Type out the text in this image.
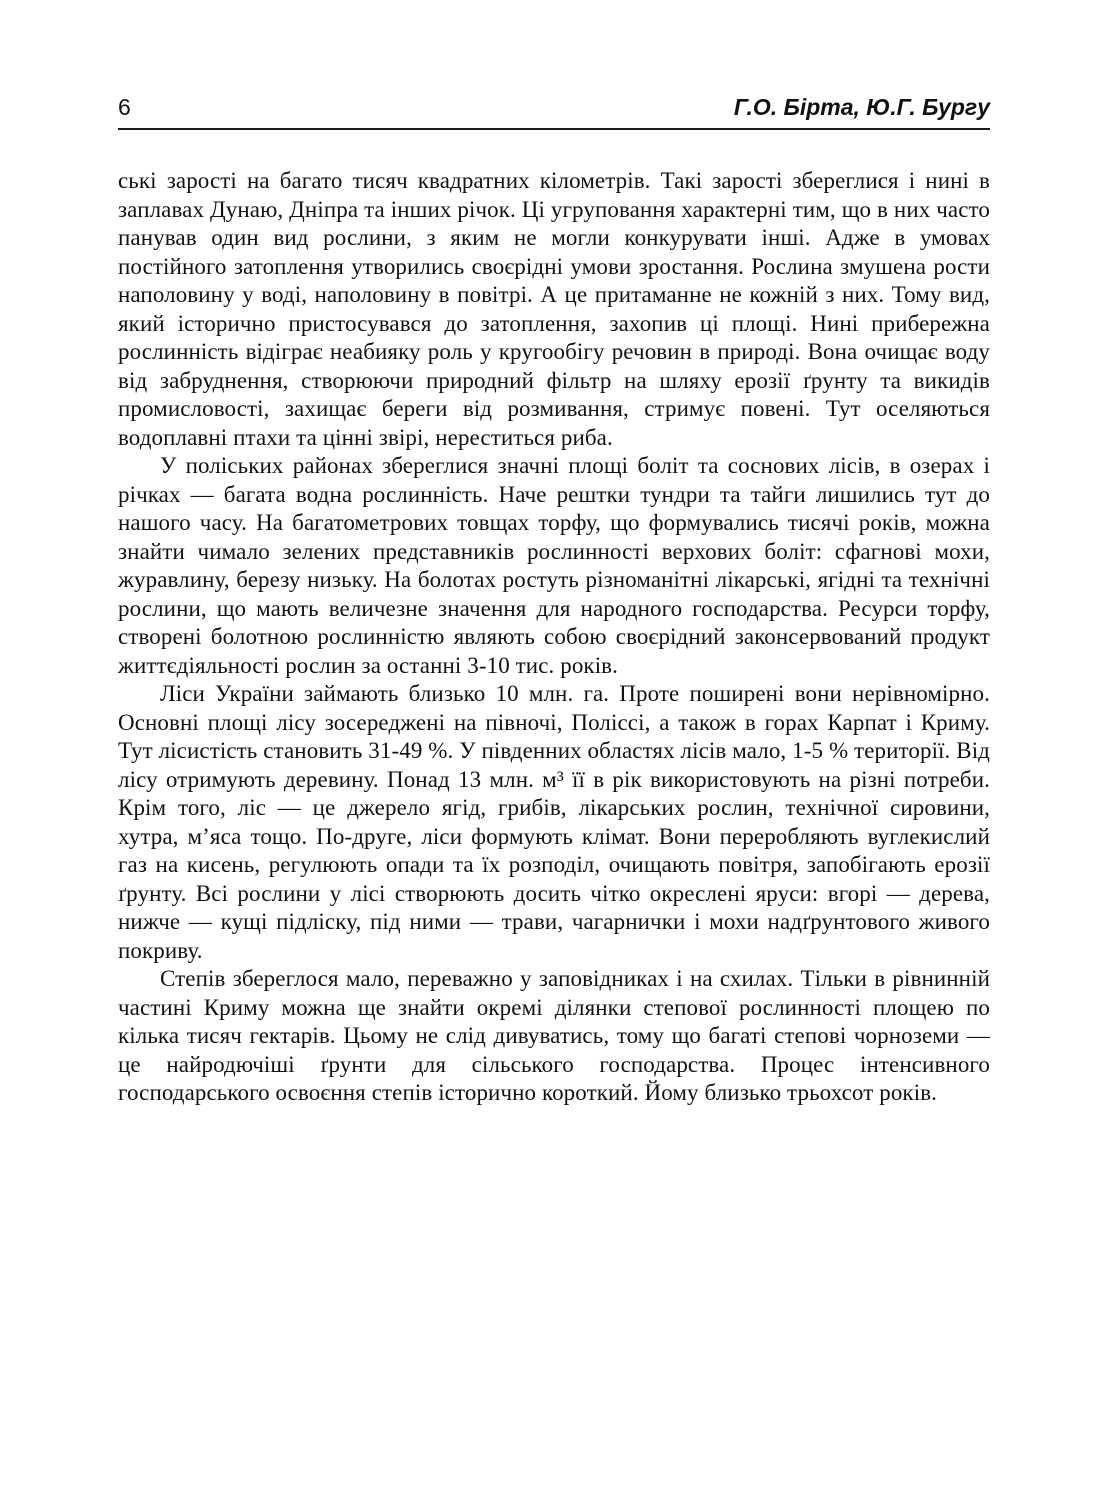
6	Г.О. Бірта, Ю.Г. Бургу

ські зарості на багато тисяч квадратних кілометрів. Такі зарості збереглися і нині в заплавах Дунаю, Дніпра та інших річок. Ці угруповання характерні тим, що в них часто панував один вид рослини, з яким не могли конкурувати інші. Адже в умовах постійного затоплення утворились своєрідні умови зростання. Рослина змушена рости наполовину у воді, наполовину в повітрі. А це притаманне не кожній з них. Тому вид, який історично пристосувався до затоплення, захопив ці площі. Нині прибережна рослинність відіграє неабияку роль у кругообігу речовин в природі. Вона очищає воду від забруднення, створюючи природний фільтр на шляху ерозії ґрунту та викидів промисловості, захищає береги від розмивання, стримує повені. Тут оселяються водоплавні птахи та цінні звірі, нереститься риба.

У поліських районах збереглися значні площі боліт та соснових лісів, в озерах і річках — багата водна рослинність. Наче рештки тундри та тайги лишились тут до нашого часу. На багатометрових товщах торфу, що формувались тисячі років, можна знайти чимало зелених представників рослинності верхових боліт: сфагнові мохи, журавлину, березу низьку. На болотах ростуть різноманітні лікарські, ягідні та технічні рослини, що мають величезне значення для народного господарства. Ресурси торфу, створені болотною рослинністю являють собою своєрідний законсервований продукт життєдіяльності рослин за останні 3-10 тис. років.

Ліси України займають близько 10 млн. га. Проте поширені вони нерівномірно. Основні площі лісу зосереджені на півночі, Поліссі, а також в горах Карпат і Криму. Тут лісистість становить 31-49 %. У південних областях лісів мало, 1-5 % території. Від лісу отримують деревину. Понад 13 млн. м³ її в рік використовують на різні потреби. Крім того, ліс — це джерело ягід, грибів, лікарських рослин, технічної сировини, хутра, м’яса тощо. По-друге, ліси формують клімат. Вони переробляють вуглекислий газ на кисень, регулюють опади та їх розподіл, очищають повітря, запобігають ерозії ґрунту. Всі рослини у лісі створюють досить чітко окреслені яруси: вгорі — дерева, нижче — кущі підліску, під ними — трави, чагарнички і мохи надґрунтового живого покриву.

Степів збереглося мало, переважно у заповідниках і на схилах. Тільки в рівнинній частині Криму можна ще знайти окремі ділянки степової рослинності площею по кілька тисяч гектарів. Цьому не слід дивуватись, тому що багаті степові чорноземи — це найродючіші ґрунти для сільського господарства. Процес інтенсивного господарського освоєння степів історично короткий. Йому близько трьохсот років.
